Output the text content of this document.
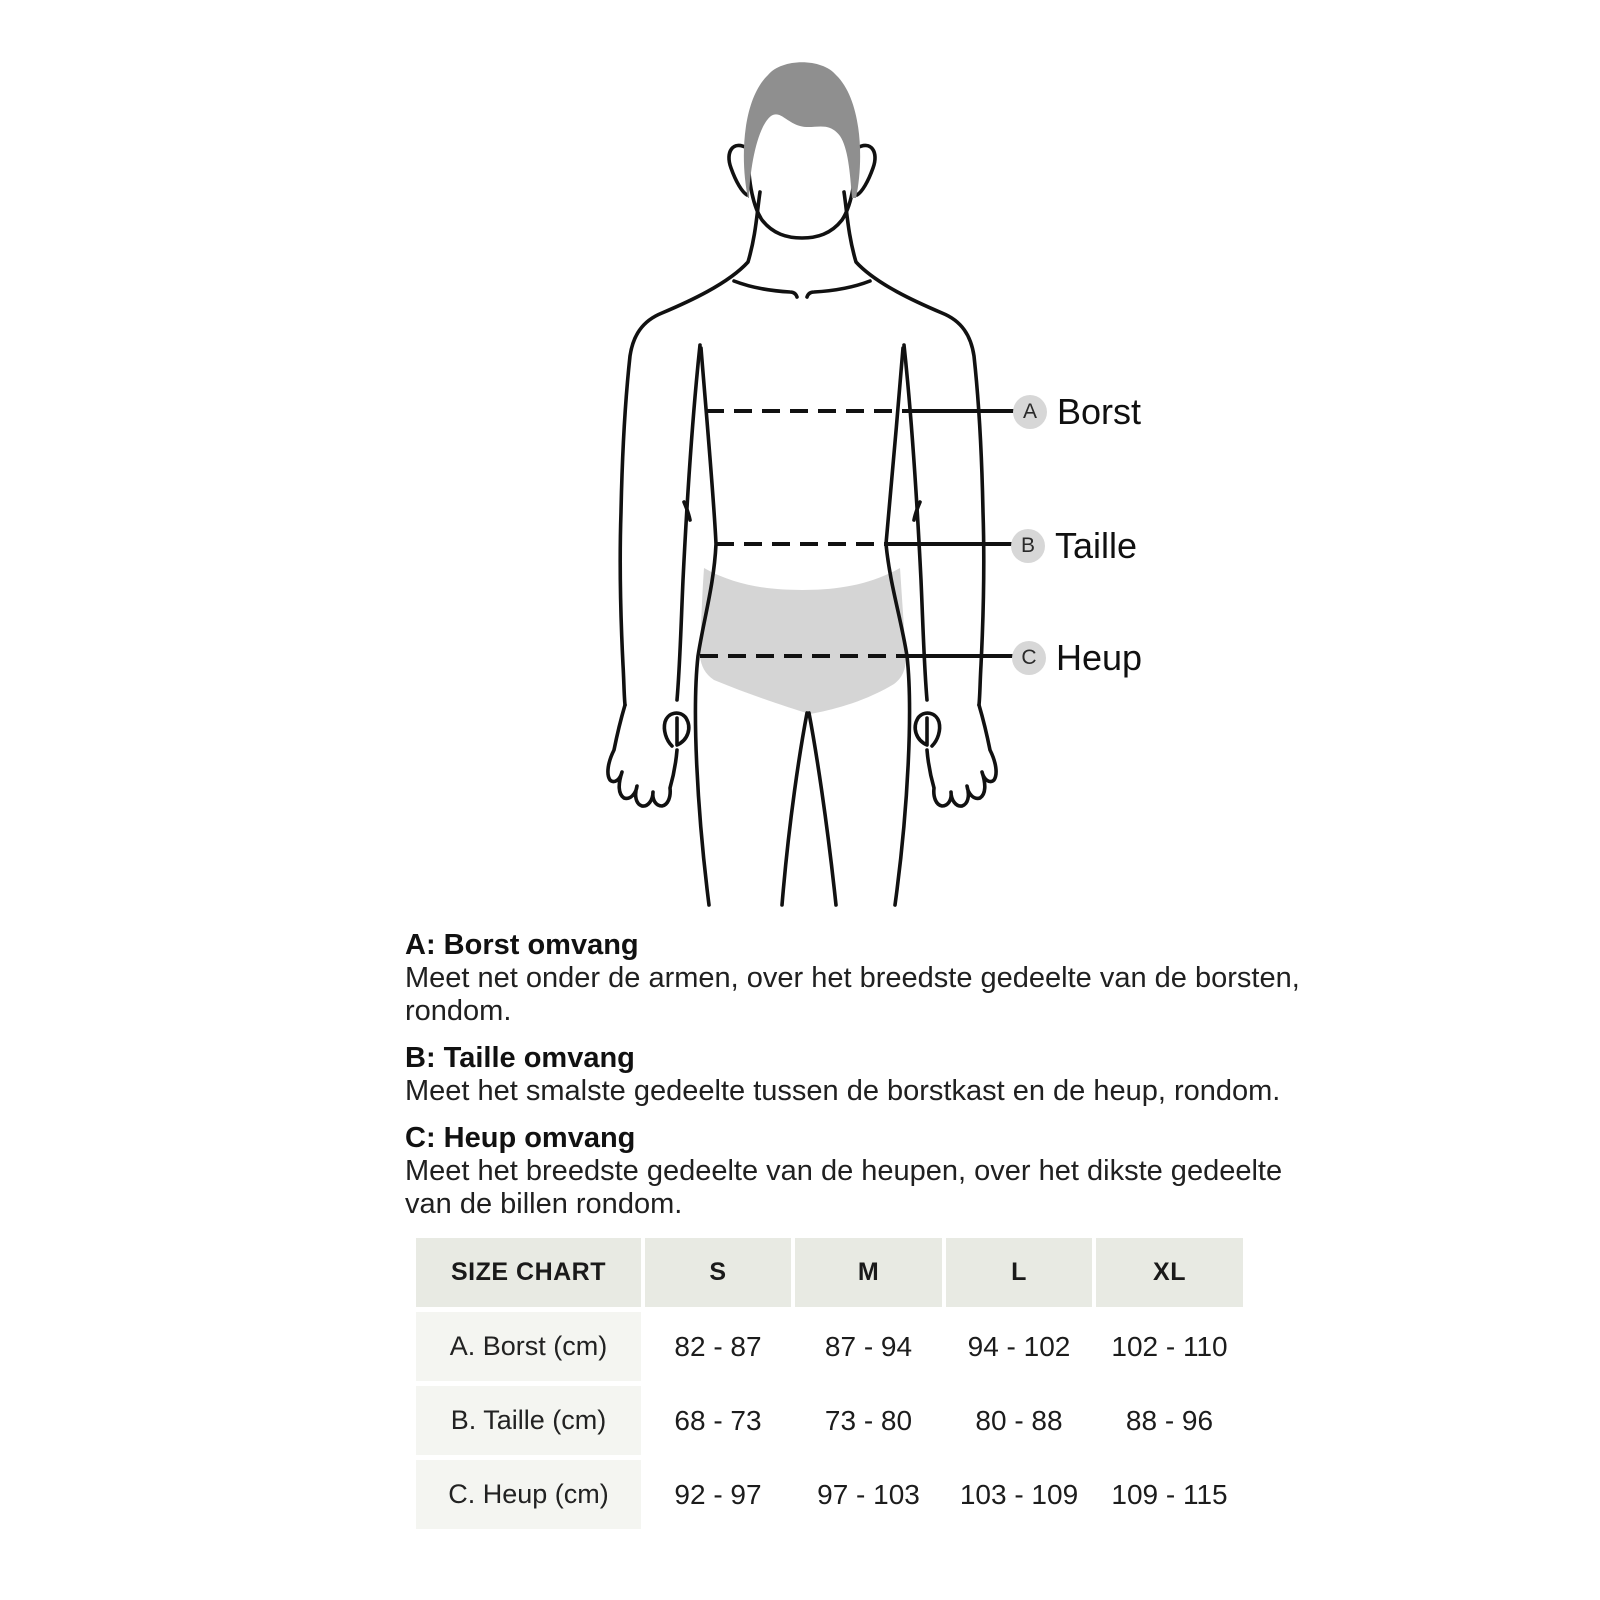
A Borst
B Taille
C Heup
A: Borst omvang
Meet net onder de armen, over het breedste gedeelte van de borsten,
rondom.
B: Taille omvang
Meet het smalste gedeelte tussen de borstkast en de heup, rondom.
C: Heup omvang
Meet het breedste gedeelte van de heupen, over het dikste gedeelte
van de billen rondom.
SIZE CHART	S	M	L	XL
A. Borst (cm)	82 - 87	87 - 94	94 - 102	102 - 110
B. Taille (cm)	68 - 73	73 - 80	80 - 88	88 - 96
C. Heup (cm)	92 - 97	97 - 103	103 - 109	109 - 115
